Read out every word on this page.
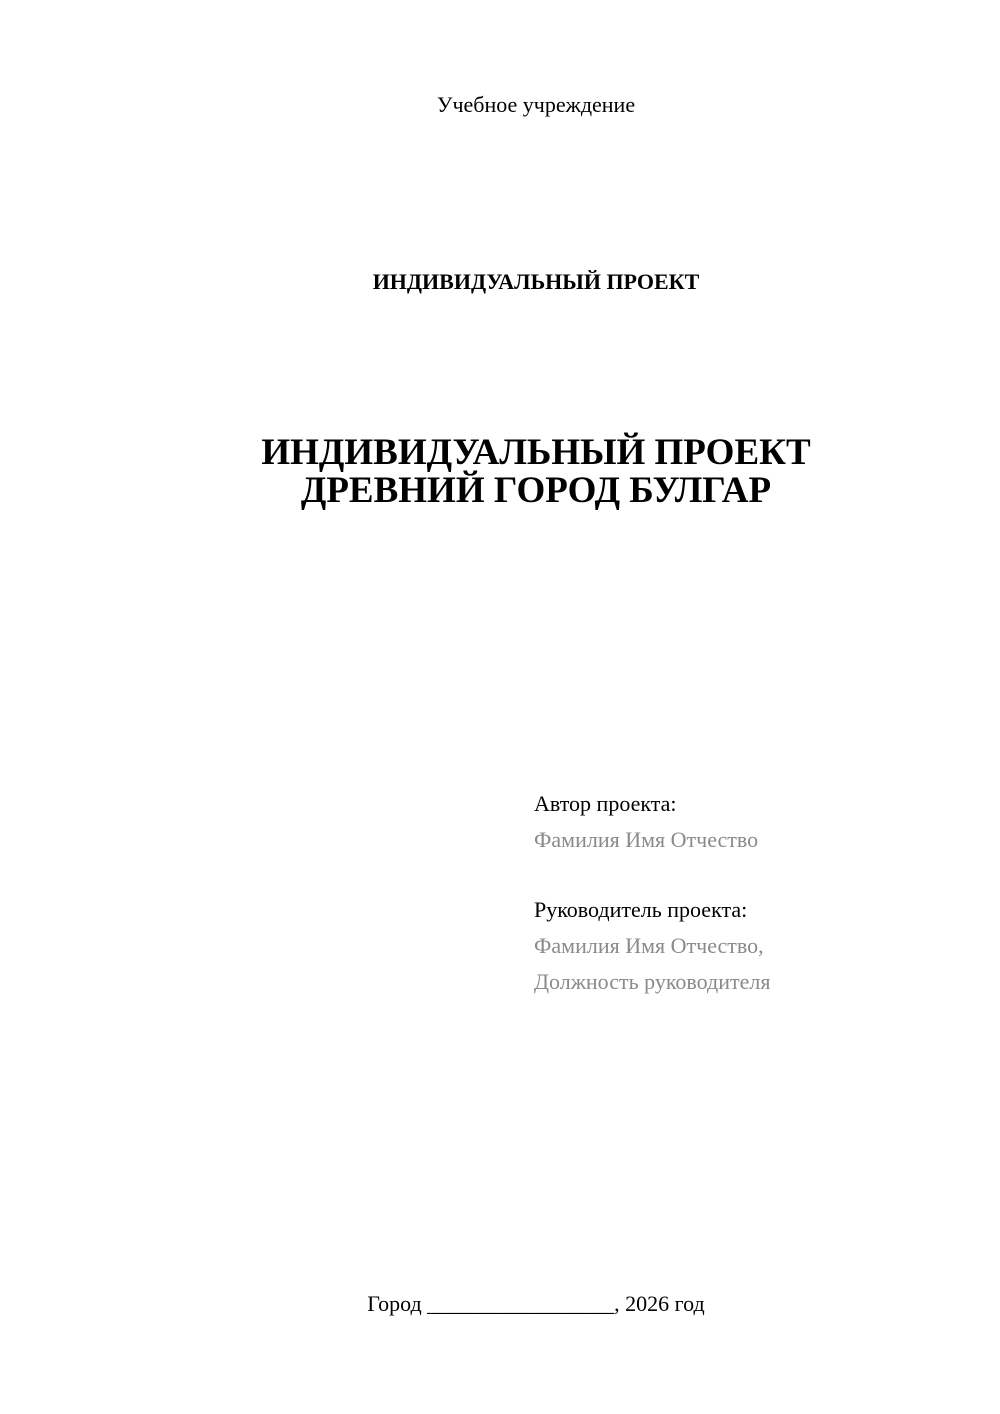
Учебное учреждение
ИНДИВИДУАЛЬНЫЙ ПРОЕКТ
ИНДИВИДУАЛЬНЫЙ ПРОЕКТ
ДРЕВНИЙ ГОРОД БУЛГАР
Автор проекта:
Фамилия Имя Отчество
Руководитель проекта:
Фамилия Имя Отчество,
Должность руководителя
Город _________________, 2026 год
